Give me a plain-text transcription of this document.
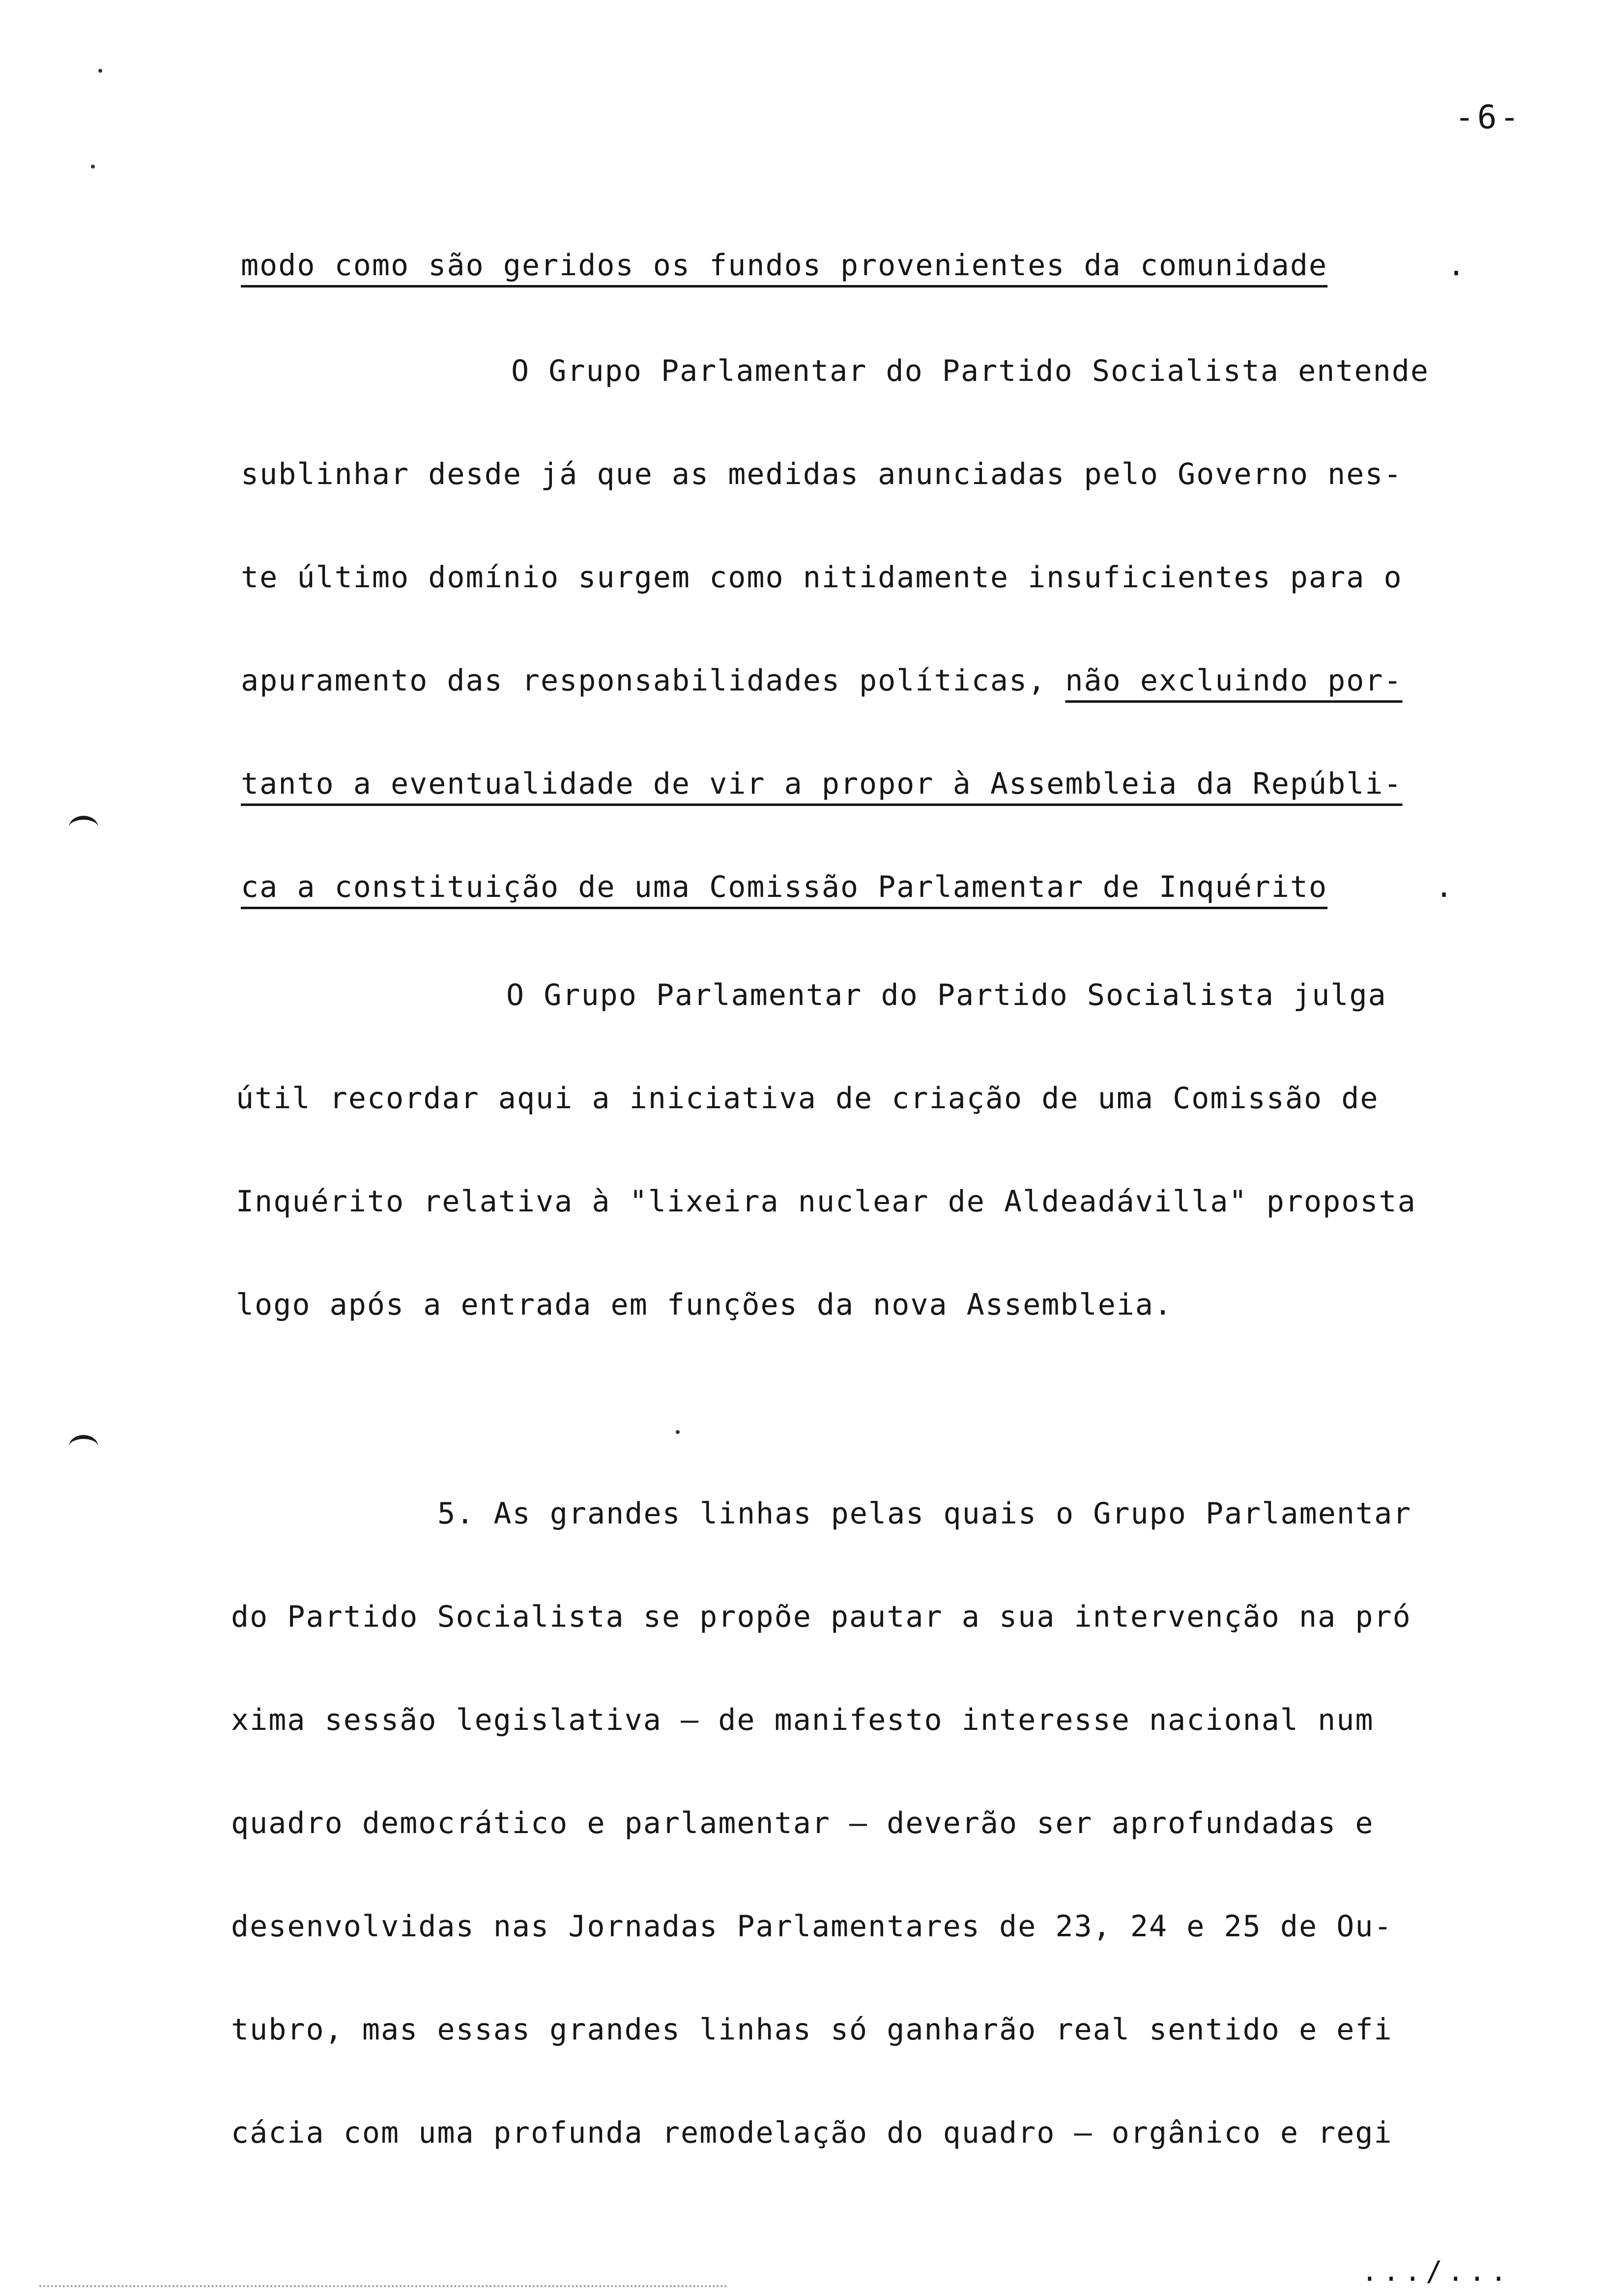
-6-
modo como são geridos os fundos provenientes da comunidade	.
O Grupo Parlamentar do Partido Socialista entende
sublinhar desde já que as medidas anunciadas pelo Governo nes-
te último domínio surgem como nitidamente insuficientes para o
apuramento das responsabilidades políticas, não excluindo por-
tanto a eventualidade de vir a propor à Assembleia da Repúbli-
ca a constituição de uma Comissão Parlamentar de Inquérito	.
O Grupo Parlamentar do Partido Socialista julga
útil recordar aqui a iniciativa de criação de uma Comissão de
Inquérito relativa à "lixeira nuclear de Aldeadávilla" proposta
logo após a entrada em funções da nova Assembleia.
5. As grandes linhas pelas quais o Grupo Parlamentar
do Partido Socialista se propõe pautar a sua intervenção na pró
xima sessão legislativa — de manifesto interesse nacional num
quadro democrático e parlamentar — deverão ser aprofundadas e
desenvolvidas nas Jornadas Parlamentares de 23, 24 e 25 de Ou-
tubro, mas essas grandes linhas só ganharão real sentido e efi
cácia com uma profunda remodelação do quadro — orgânico e regi
.../...
